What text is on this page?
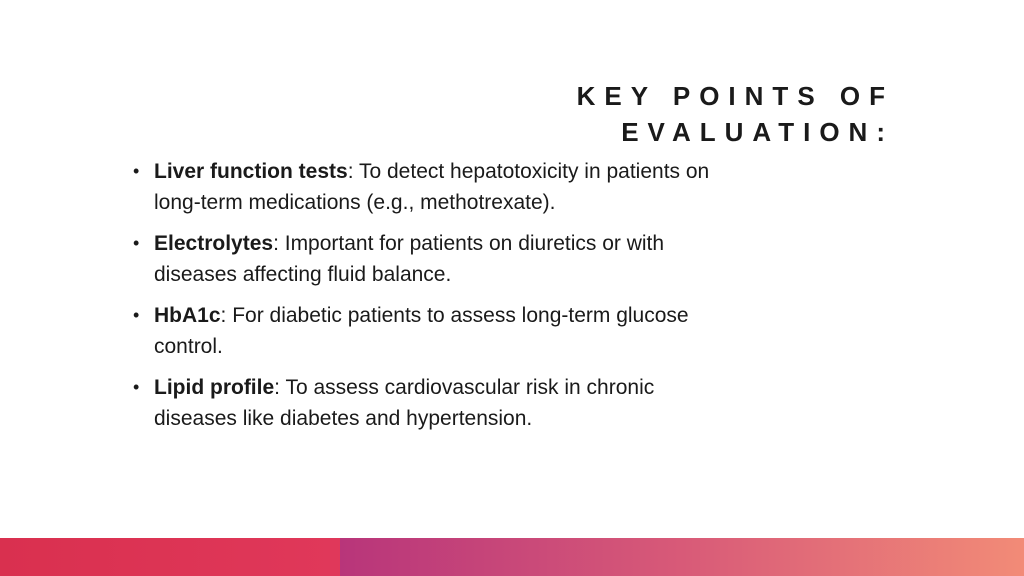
KEY POINTS OF EVALUATION:
• Liver function tests: To detect hepatotoxicity in patients on long-term medications (e.g., methotrexate).
• Electrolytes: Important for patients on diuretics or with diseases affecting fluid balance.
• HbA1c: For diabetic patients to assess long-term glucose control.
• Lipid profile: To assess cardiovascular risk in chronic diseases like diabetes and hypertension.
